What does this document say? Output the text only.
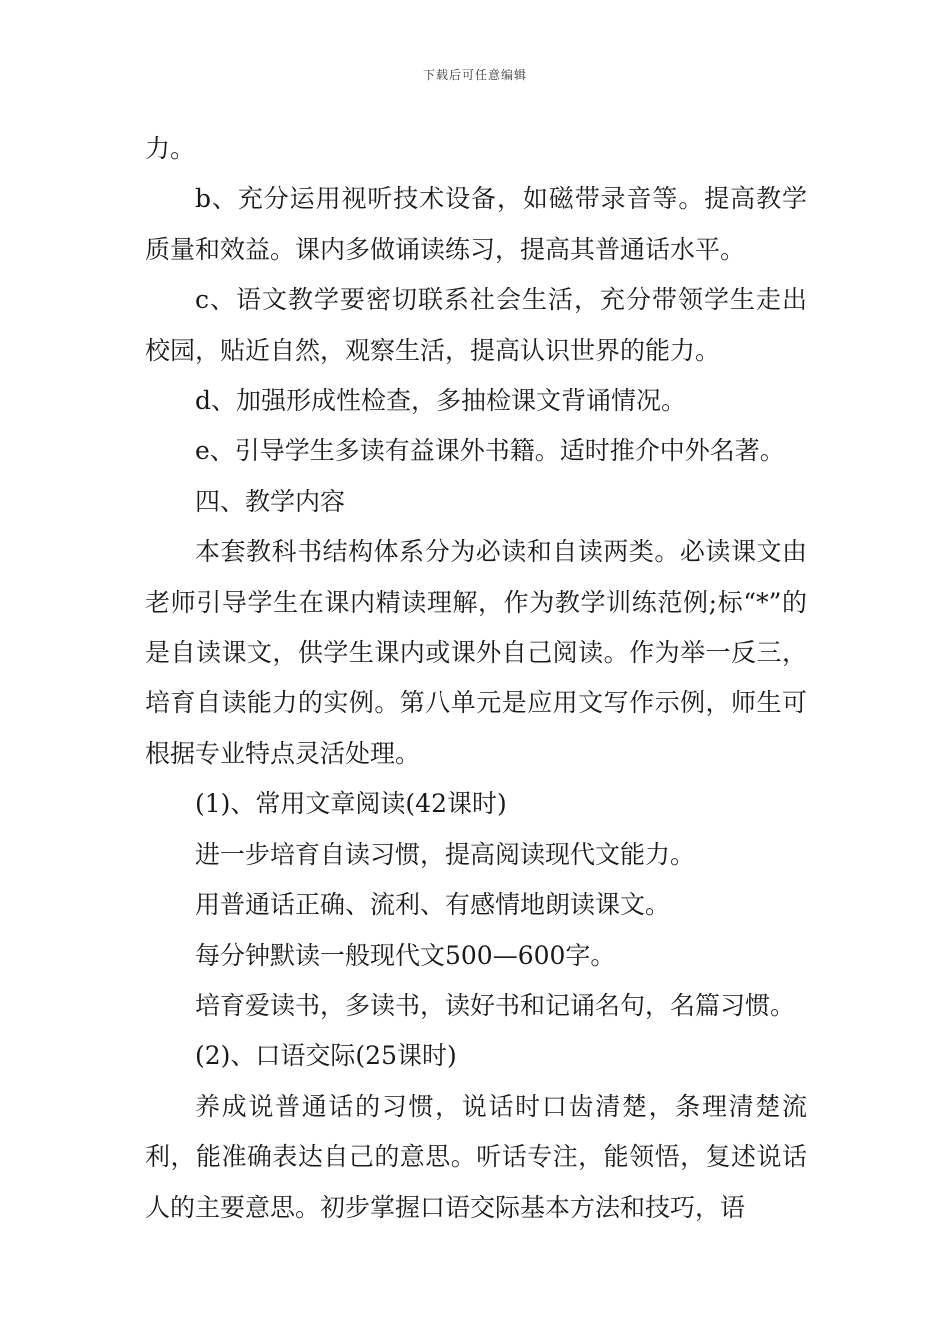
下载后可任意编辑

力。

b、充分运用视听技术设备，如磁带录音等。提高教学质量和效益。课内多做诵读练习，提高其普通话水平。

c、语文教学要密切联系社会生活，充分带领学生走出校园，贴近自然，观察生活，提高认识世界的能力。

d、加强形成性检查，多抽检课文背诵情况。

e、引导学生多读有益课外书籍。适时推介中外名著。

四、教学内容

本套教科书结构体系分为必读和自读两类。必读课文由老师引导学生在课内精读理解，作为教学训练范例;标“*”的是自读课文，供学生课内或课外自己阅读。作为举一反三，培育自读能力的实例。第八单元是应用文写作示例，师生可根据专业特点灵活处理。

(1)、常用文章阅读(42课时)

进一步培育自读习惯，提高阅读现代文能力。

用普通话正确、流利、有感情地朗读课文。

每分钟默读一般现代文500—600字。

培育爱读书，多读书，读好书和记诵名句，名篇习惯。

(2)、口语交际(25课时)

养成说普通话的习惯，说话时口齿清楚，条理清楚流利，能准确表达自己的意思。听话专注，能领悟，复述说话人的主要意思。初步掌握口语交际基本方法和技巧，语
